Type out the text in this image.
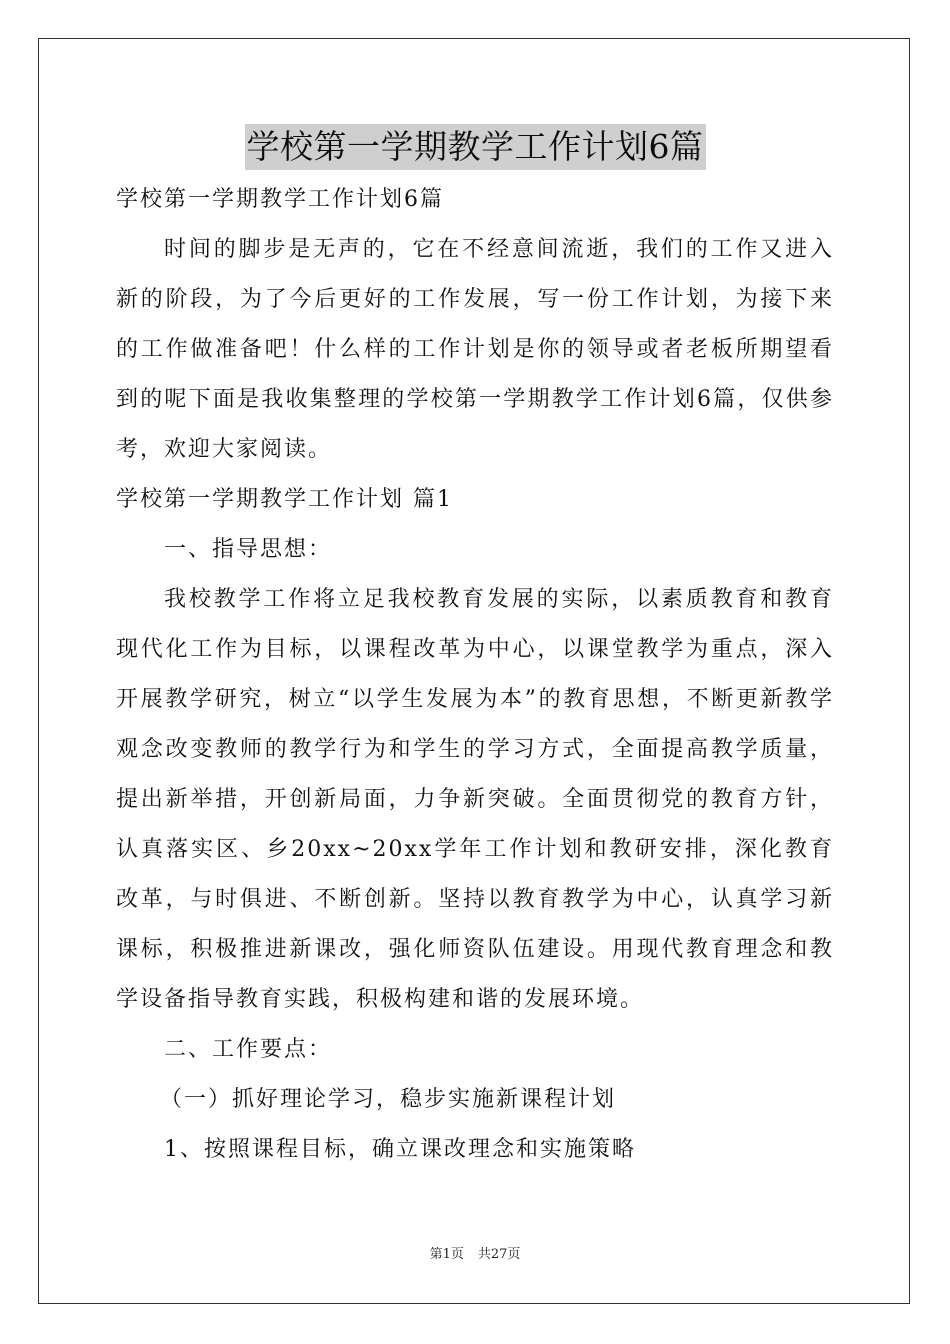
学校第一学期教学工作计划6篇

学校第一学期教学工作计划6篇

时间的脚步是无声的，它在不经意间流逝，我们的工作又进入新的阶段，为了今后更好的工作发展，写一份工作计划，为接下来的工作做准备吧！什么样的工作计划是你的领导或者老板所期望看到的呢下面是我收集整理的学校第一学期教学工作计划6篇，仅供参考，欢迎大家阅读。

学校第一学期教学工作计划 篇1

一、指导思想：

我校教学工作将立足我校教育发展的实际，以素质教育和教育现代化工作为目标，以课程改革为中心，以课堂教学为重点，深入开展教学研究，树立“以学生发展为本”的教育思想，不断更新教学观念改变教师的教学行为和学生的学习方式，全面提高教学质量，提出新举措，开创新局面，力争新突破。全面贯彻党的教育方针，认真落实区、乡20xx~20xx学年工作计划和教研安排，深化教育改革，与时俱进、不断创新。坚持以教育教学为中心，认真学习新课标，积极推进新课改，强化师资队伍建设。用现代教育理念和教学设备指导教育实践，积极构建和谐的发展环境。

二、工作要点：

（一）抓好理论学习，稳步实施新课程计划

1、按照课程目标，确立课改理念和实施策略

第1页 共27页
